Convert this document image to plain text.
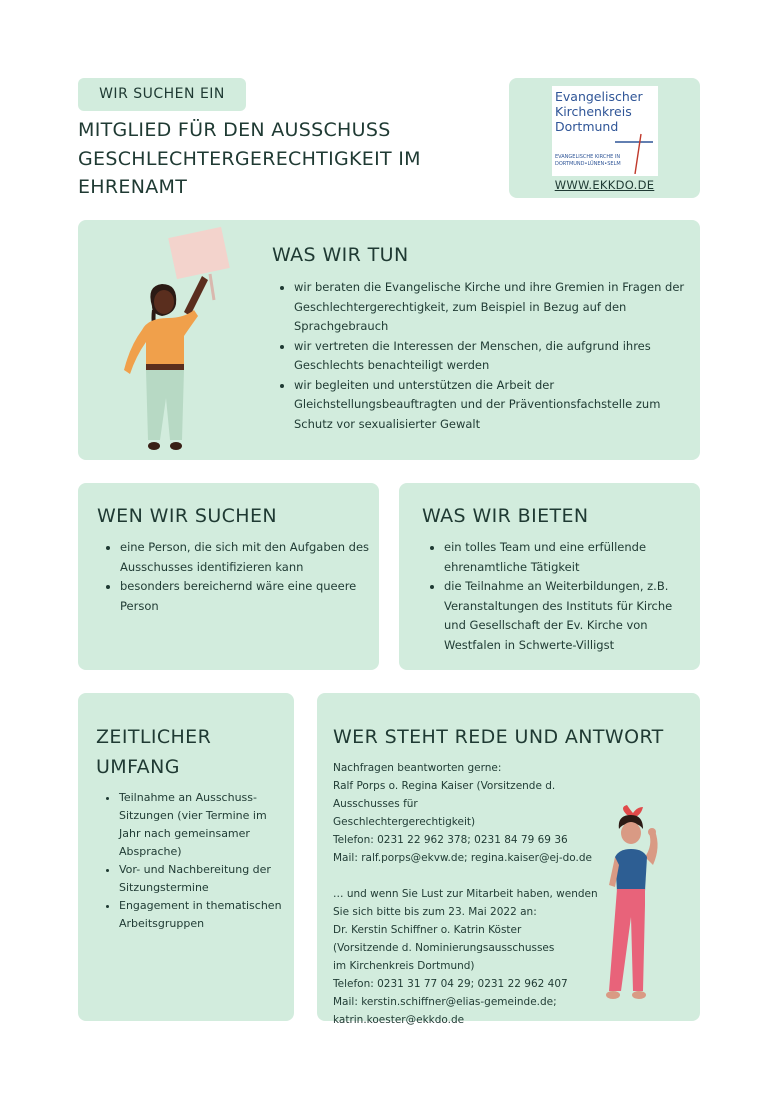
WIR SUCHEN EIN
MITGLIED FÜR DEN AUSSCHUSS GESCHLECHTERGERECHTIGKEIT IM EHRENAMT
Evangelischer
Kirchenkreis
Dortmund
EVANGELISCHE KIRCHE IN
DORTMUND•LÜNEN•SELM
WWW.EKKDO.DE
WAS WIR TUN
• wir beraten die Evangelische Kirche und ihre Gremien in Fragen der Geschlechtergerechtigkeit, zum Beispiel in Bezug auf den Sprachgebrauch
• wir vertreten die Interessen der Menschen, die aufgrund ihres Geschlechts benachteiligt werden
• wir begleiten und unterstützen die Arbeit der Gleichstellungsbeauftragten und der Präventionsfachstelle zum Schutz vor sexualisierter Gewalt
WEN WIR SUCHEN
• eine Person, die sich mit den Aufgaben des Ausschusses identifizieren kann
• besonders bereichernd wäre eine queere Person
WAS WIR BIETEN
• ein tolles Team und eine erfüllende ehrenamtliche Tätigkeit
• die Teilnahme an Weiterbildungen, z.B. Veranstaltungen des Instituts für Kirche und Gesellschaft der Ev. Kirche von Westfalen in Schwerte-Villigst
ZEITLICHER UMFANG
• Teilnahme an Ausschuss-Sitzungen (vier Termine im Jahr nach gemeinsamer Absprache)
• Vor- und Nachbereitung der Sitzungstermine
• Engagement in thematischen Arbeitsgruppen
WER STEHT REDE UND ANTWORT

Nachfragen beantworten gerne:

Ralf Porps o. Regina Kaiser (Vorsitzende d. Ausschusses für

Geschlechtergerechtigkeit)

Telefon: 0231 22 962 378; 0231 84 79 69 36

Mail: ralf.porps@ekvw.de; regina.kaiser@ej-do.de

… und wenn Sie Lust zur Mitarbeit haben, wenden

Sie sich bitte bis zum 23. Mai 2022 an:

Dr. Kerstin Schiffner o. Katrin Köster

(Vorsitzende d. Nominierungsausschusses

im Kirchenkreis Dortmund)

Telefon: 0231 31 77 04 29; 0231 22 962 407

Mail: kerstin.schiffner@elias-gemeinde.de;

katrin.koester@ekkdo.de
